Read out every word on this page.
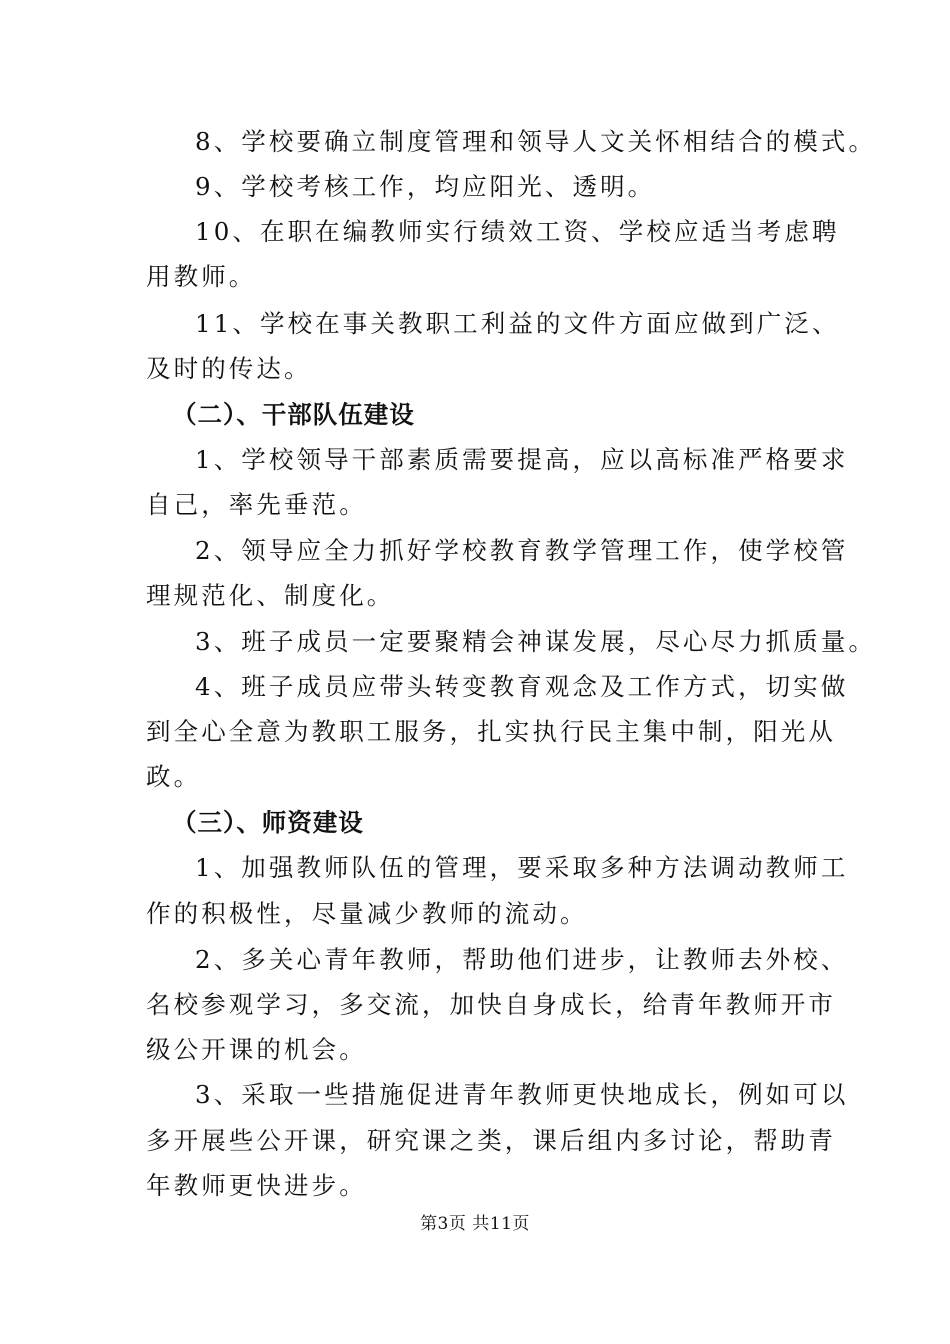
8、学校要确立制度管理和领导人文关怀相结合的模式。
9、学校考核工作，均应阳光、透明。
10、在职在编教师实行绩效工资、学校应适当考虑聘
用教师。
11、学校在事关教职工利益的文件方面应做到广泛、
及时的传达。
（二）、干部队伍建设
1、学校领导干部素质需要提高，应以高标准严格要求
自己，率先垂范。
2、领导应全力抓好学校教育教学管理工作，使学校管
理规范化、制度化。
3、班子成员一定要聚精会神谋发展，尽心尽力抓质量。
4、班子成员应带头转变教育观念及工作方式，切实做
到全心全意为教职工服务，扎实执行民主集中制，阳光从
政。
（三）、师资建设
1、加强教师队伍的管理，要采取多种方法调动教师工
作的积极性，尽量减少教师的流动。
2、多关心青年教师，帮助他们进步，让教师去外校、
名校参观学习，多交流，加快自身成长，给青年教师开市
级公开课的机会。
3、采取一些措施促进青年教师更快地成长，例如可以
多开展些公开课，研究课之类，课后组内多讨论，帮助青
年教师更快进步。
第3页 共11页
